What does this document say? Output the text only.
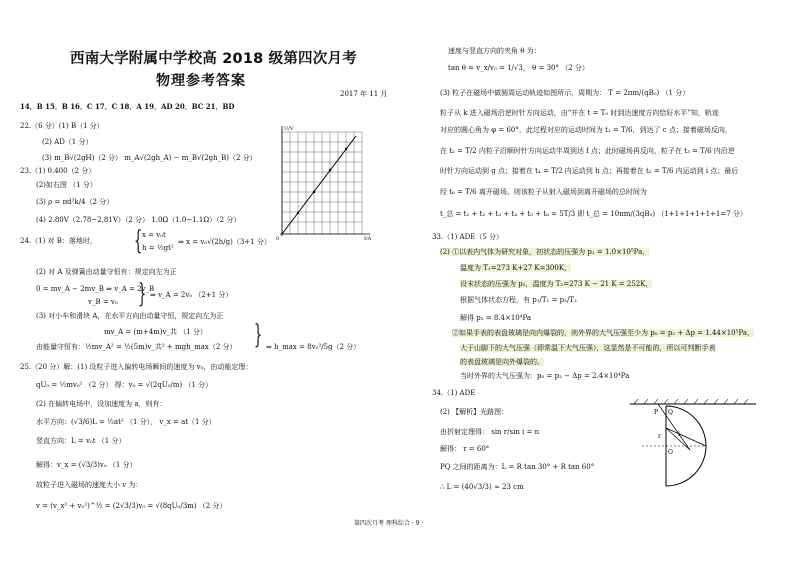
西南大学附属中学校高 2018 级第四次月考
物理参考答案
2017 年 11 月
14．B 15．B 16．C 17．C 18．A 19．AD 20．BC 21．BD
22.（6 分）(1) B（1 分）
(2) AD（1 分）
(3) m_B√(2gH)（2 分） m_A√(2gh_A) − m_B√(2gh_B)（2 分）
23.（1) 0.400（2 分）
(2)如右图 （1 分）
(3) ρ = πd²k/4（2 分）
(4) 2.80V（2.78~2.81V）（2 分） 1.0Ω（1.0~1.1Ω）（2 分）
24.（1) 对 B：落地时， { x = v₀t
h = ½gt²
⇒ x = v₀√(2h/g)（3+1 分）
(2) 对 A 及弹簧由动量守恒有：规定向左为正
0 = mv_A − 2mv_B ⇒ v_A = 2v_B
v_B = v₀ } ⇒ v_A = 2v₀ （2+1 分）
(3) 对小车和滑块 A，在水平方向由动量守恒，规定向左为正
mv_A = (m+4m)v_共 （1 分）
由能量守恒有：½mv_A² = ½(5m)v_共² + mgh_max（2 分） } ⇒ h_max = 8v₀²/5g（2 分）
25.（20 分）解：(1) 设粒子进入偏转电场瞬间的速度为 v₀，由动能定理：
qU₀ = ½mv₀² （2 分） 得：v₀ = √(2qU₀/m) （1 分）
(2) 在偏转电场中，设加速度为 a，则有：
水平方向：(√3/6)L = ½at² （1 分）， v_x = at（1 分）
竖直方向：L = v₀t （1 分）
解得：v_x = (√3/3)v₀ （1 分）
故粒子进入磁场的速度大小 v 为：
v = (v_x² + v₀²)^½ = (2√3/3)v₀ = √(8qU₀/3m) （2 分）
U/V
I/A
0
速度与竖直方向的夹角 θ 为：
tan θ = v_x/v₀ = 1/√3， θ = 30° （2 分）
(3) 粒子在磁场中做圆周运动轨迹如图所示，周期为： T = 2πm/(qB₀) （1 分）
粒子从 k 进入磁场沿逆时针方向运动，由“并在 t = T₀ 时到达速度方向恰好水平”知，轨迹
对应的圆心角为 φ = 60°，此过程对应的运动时间为 t₁ = T/6，到达了 c 点；接着磁场反向，
在 t₂ = T/2 内粒子沿顺时针方向运动半周到达 f 点；此时磁场再反向，粒子在 t₃ = T/6 内沿逆
时针方向运动到 g 点；接着在 t₄ = T/2 内运动到 h 点；再接着在 t₅ = T/6 内运动到 i 点；最后
经 t₆ = T/6 离开磁场。则该粒子从射入磁场到离开磁场的总时间为
t_总 = t₁ + t₂ + t₃ + t₄ + t₅ + t₆ = 5T/3 即 t_总 = 10πm/(3qB₀) （1+1+1+1+1+1=7 分）
33.（1) ADE（5 分）
(2) ①以表内气体为研究对象，初状态的压强为 p₁ = 1.0×10⁵Pa，
温度为 T₁=273 K+27 K=300K，
设末状态的压强为 p₂，温度为 T₂=273 K − 21 K = 252K，
根据气体状态方程，有 p₁/T₁ = p₂/T₂
解得 p₂ = 8.4×10⁴Pa
②如果手表的表盘玻璃是向内爆裂的，则外界的大气压强至少为 p₀ = p₂ + Δp = 1.44×10⁵Pa，
大于山脚下的大气压强（即常温下大气压强），这显然是不可能的，所以可判断手表
的表盘玻璃是向外爆裂的。
当时外界的大气压强为：p₀ = p₂ − Δp = 2.4×10⁴Pa
34.（1) ADE
(2) 【解析】光路图：
由折射定理得： sin r/sin i = n
解得： r = 60°
PQ 之间的距离为：L = R tan 30° + R tan 60°
∴ L = (40√3/3) ≈ 23 cm
P Q
r	i
O
第四次月考 理科综合 · 9 ·
